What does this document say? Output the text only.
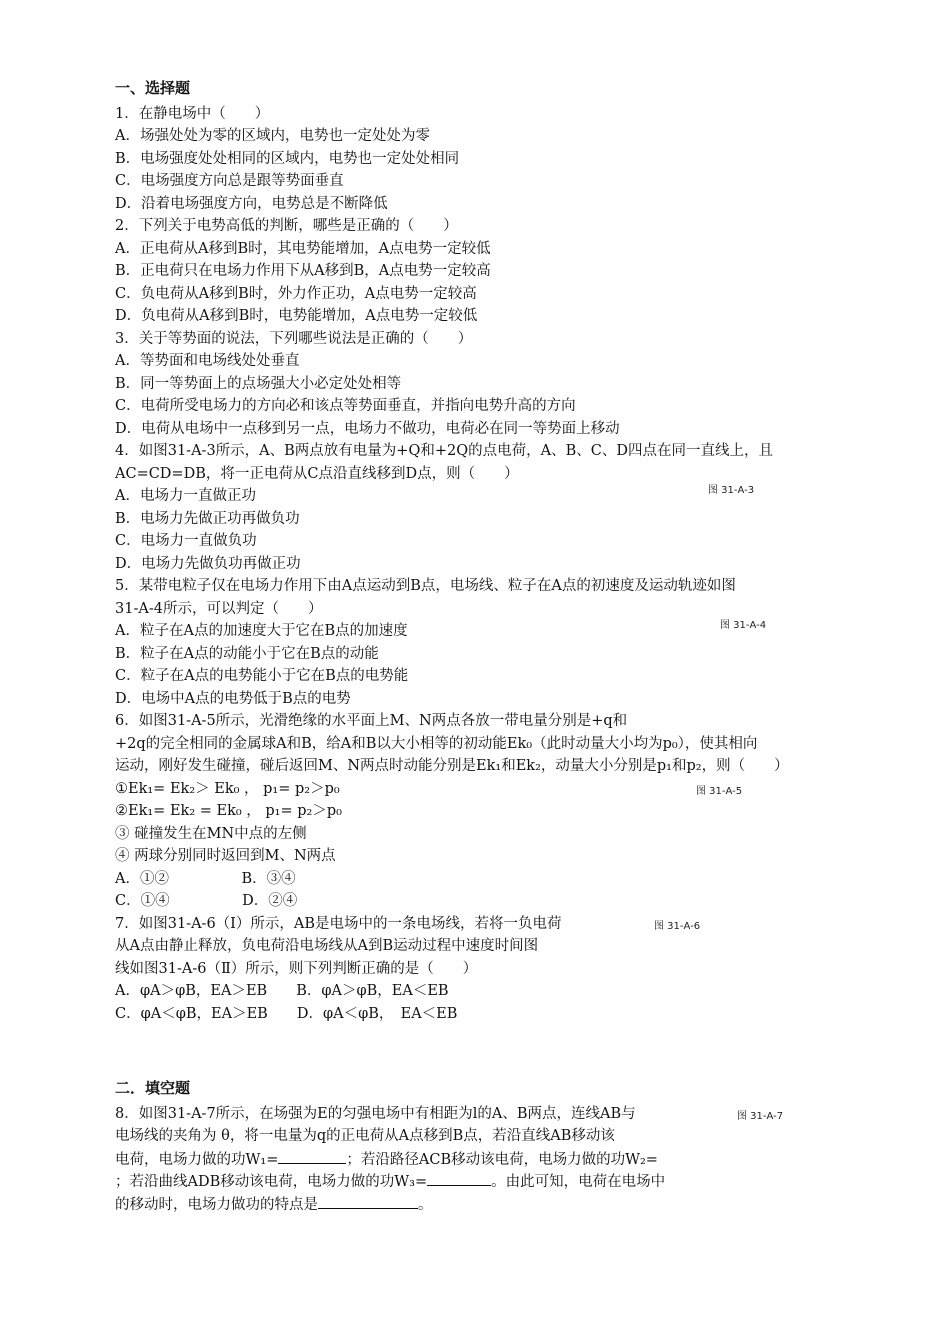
一、选择题
1．在静电场中（　　）
A．场强处处为零的区域内，电势也一定处处为零
B．电场强度处处相同的区域内，电势也一定处处相同
C．电场强度方向总是跟等势面垂直
D．沿着电场强度方向，电势总是不断降低
2．下列关于电势高低的判断，哪些是正确的（　　）
A．正电荷从A移到B时，其电势能增加，A点电势一定较低
B．正电荷只在电场力作用下从A移到B，A点电势一定较高
C．负电荷从A移到B时，外力作正功，A点电势一定较高
D．负电荷从A移到B时，电势能增加，A点电势一定较低
3．关于等势面的说法，下列哪些说法是正确的（　　）
A．等势面和电场线处处垂直
B．同一等势面上的点场强大小必定处处相等
C．电荷所受电场力的方向必和该点等势面垂直，并指向电势升高的方向
D．电荷从电场中一点移到另一点，电场力不做功，电荷必在同一等势面上移动
4．如图31-A-3所示，A、B两点放有电量为+Q和+2Q的点电荷，A、B、C、D四点在同一直线上，且
AC=CD=DB，将一正电荷从C点沿直线移到D点，则（　　）
图 31-A-3
A．电场力一直做正功
B．电场力先做正功再做负功
C．电场力一直做负功
D．电场力先做负功再做正功
5．某带电粒子仅在电场力作用下由A点运动到B点，电场线、粒子在A点的初速度及运动轨迹如图
31-A-4所示，可以判定（　　）
图 31-A-4
A．粒子在A点的加速度大于它在B点的加速度
B．粒子在A点的动能小于它在B点的动能
C．粒子在A点的电势能小于它在B点的电势能
D．电场中A点的电势低于B点的电势
6．如图31-A-5所示，光滑绝缘的水平面上M、N两点各放一带电量分别是+q和
+2q的完全相同的金属球A和B，给A和B以大小相等的初动能Ek₀（此时动量大小均为p₀），使其相向
运动，刚好发生碰撞，碰后返回M、N两点时动能分别是Ek₁和Ek₂，动量大小分别是p₁和p₂，则（　　）
图 31-A-5
①Ek₁= Ek₂＞ Ek₀ ， p₁= p₂＞p₀
②Ek₁= Ek₂ = Ek₀ ， p₁= p₂＞p₀
③ 碰撞发生在MN中点的左侧
④ 两球分别同时返回到M、N两点
A．①②　　　　　B．③④
C．①④　　　　　D．②④
7．如图31-A-6（Ⅰ）所示，AB是电场中的一条电场线，若将一负电荷	图 31-A-6
从A点由静止释放，负电荷沿电场线从A到B运动过程中速度时间图
线如图31-A-6（Ⅱ）所示，则下列判断正确的是（　　）
A．φA＞φB，EA＞EB　　B．φA＞φB，EA＜EB
C．φA＜φB，EA＞EB　　D．φA＜φB，　EA＜EB
二．填空题
8．如图31-A-7所示，在场强为E的匀强电场中有相距为l的A、B两点，连线AB与	图 31-A-7
电场线的夹角为 θ，将一电量为q的正电荷从A点移到B点，若沿直线AB移动该
电荷，电场力做的功W₁=	；若沿路径ACB移动该电荷，电场力做的功W₂=
；若沿曲线ADB移动该电荷，电场力做的功W₃=	。由此可知，电荷在电场中
的移动时，电场力做功的特点是	。
